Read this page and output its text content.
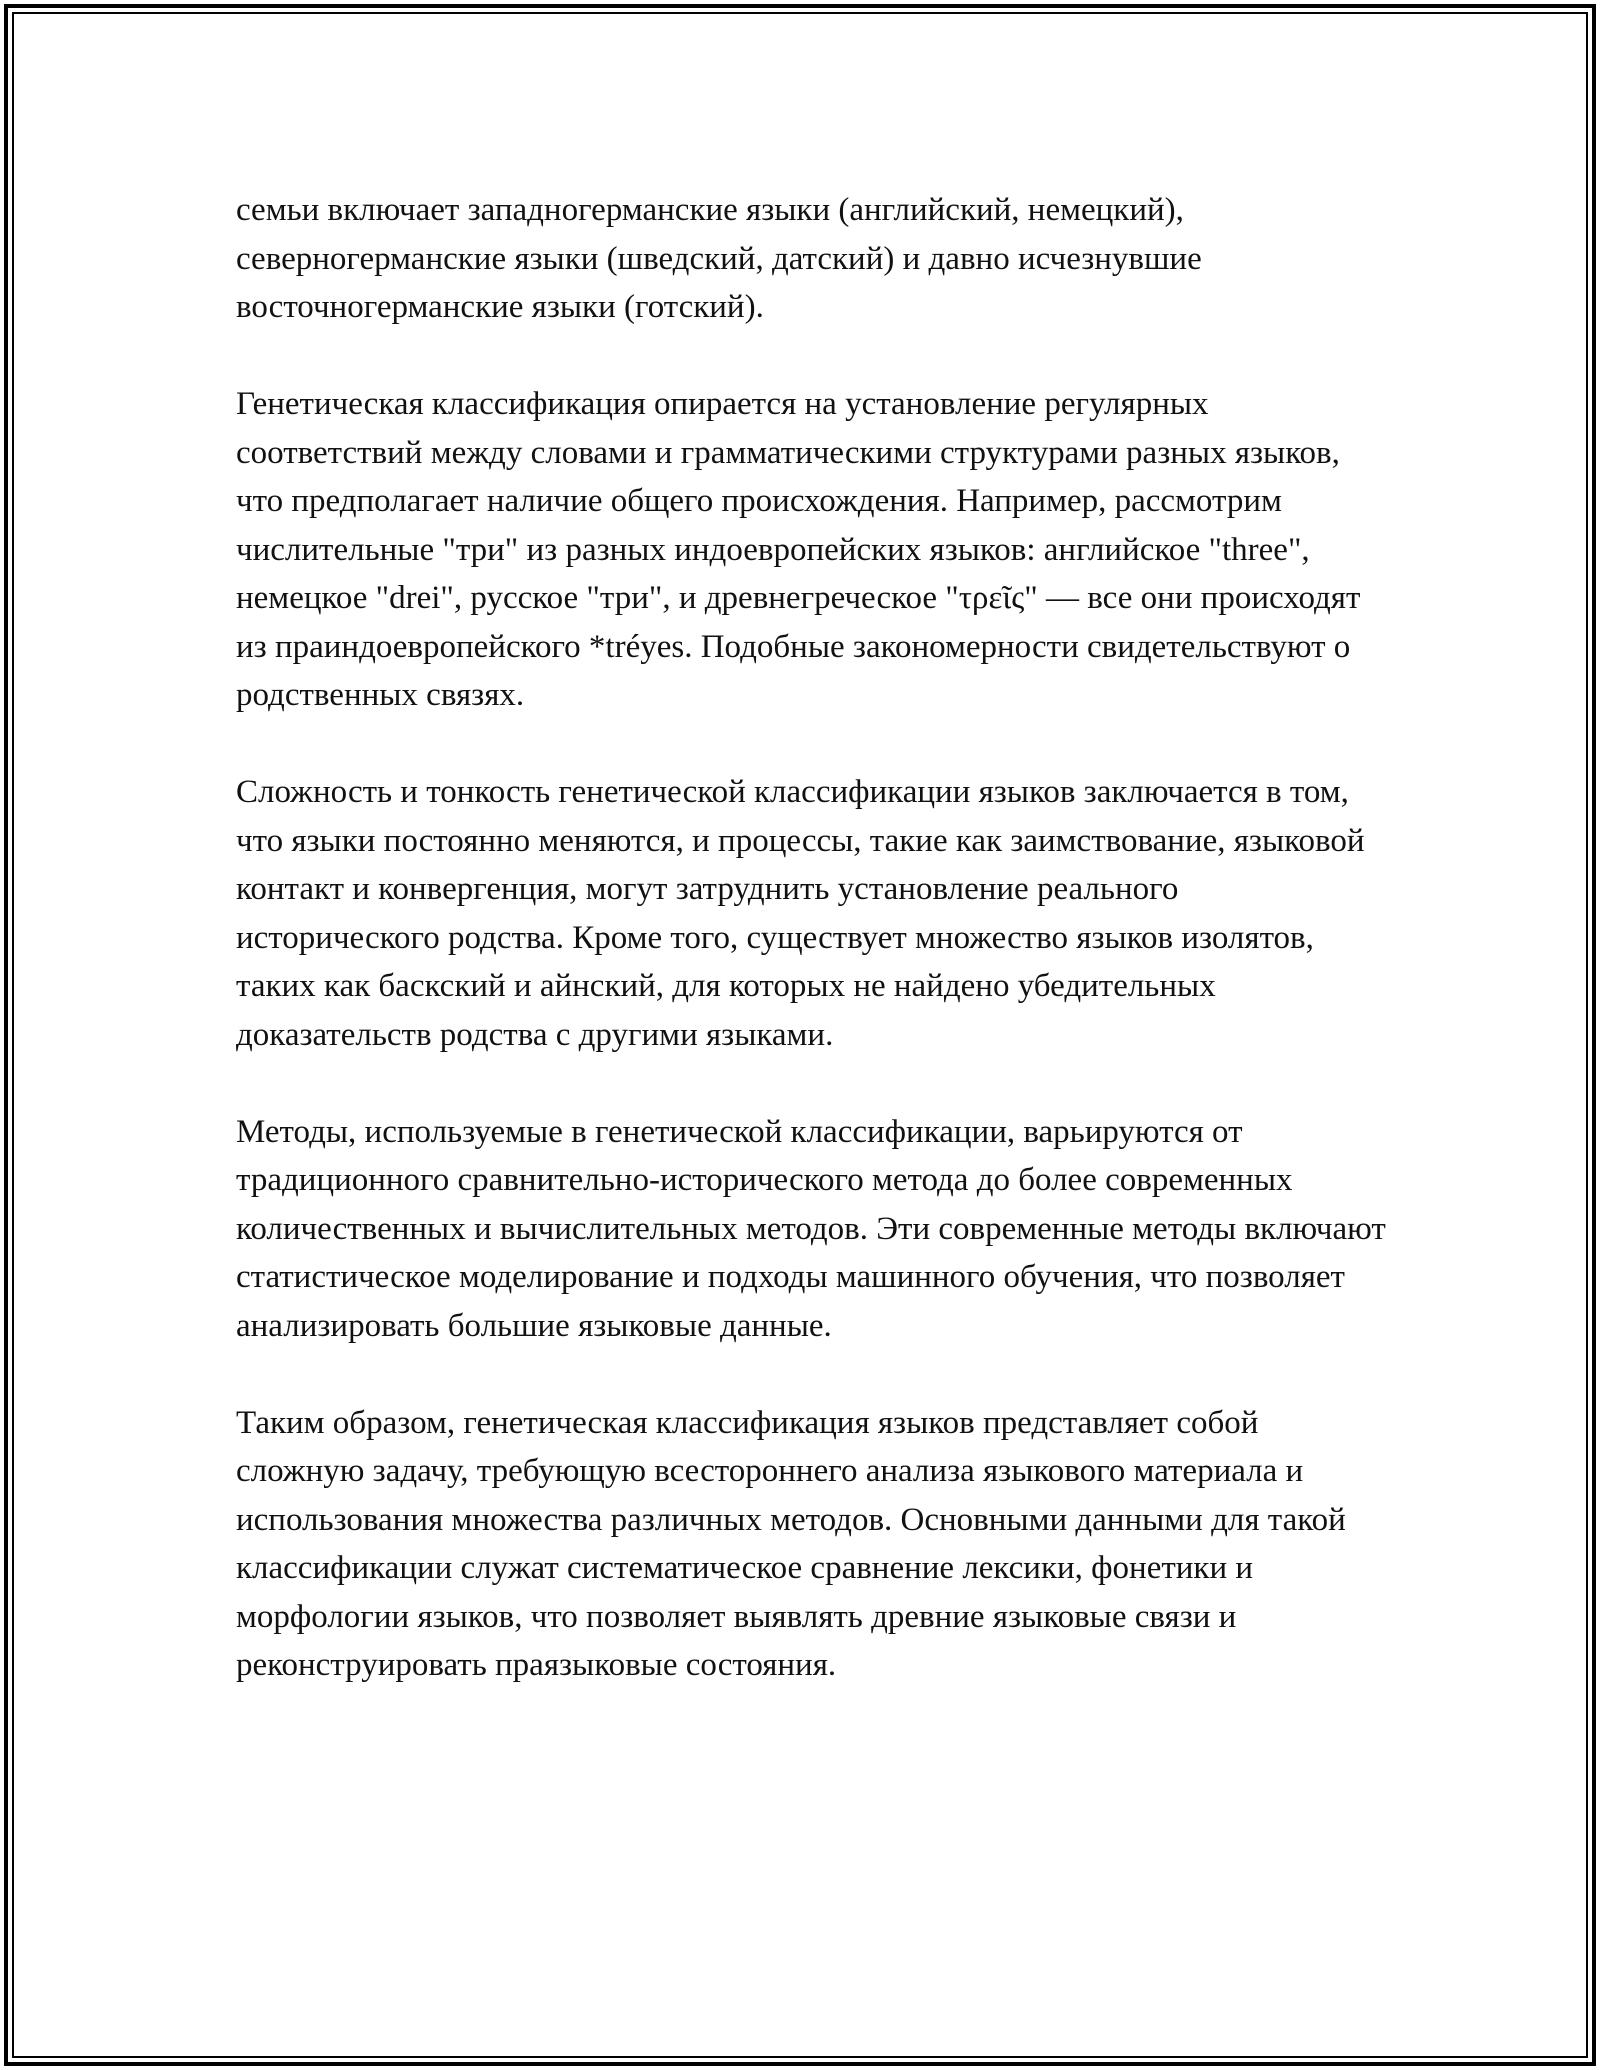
семьи включает западногерманские языки (английский, немецкий), северногерманские языки (шведский, датский) и давно исчезнувшие восточногерманские языки (готский).

Генетическая классификация опирается на установление регулярных соответствий между словами и грамматическими структурами разных языков, что предполагает наличие общего происхождения. Например, рассмотрим числительные "три" из разных индоевропейских языков: английское "three", немецкое "drei", русское "три", и древнегреческое "τρεῖς" — все они происходят из праиндоевропейского *tréyes. Подобные закономерности свидетельствуют о родственных связях.

Сложность и тонкость генетической классификации языков заключается в том, что языки постоянно меняются, и процессы, такие как заимствование, языковой контакт и конвергенция, могут затруднить установление реального исторического родства. Кроме того, существует множество языков изолятов, таких как баскский и айнский, для которых не найдено убедительных доказательств родства с другими языками.

Методы, используемые в генетической классификации, варьируются от традиционного сравнительно-исторического метода до более современных количественных и вычислительных методов. Эти современные методы включают статистическое моделирование и подходы машинного обучения, что позволяет анализировать большие языковые данные.

Таким образом, генетическая классификация языков представляет собой сложную задачу, требующую всестороннего анализа языкового материала и использования множества различных методов. Основными данными для такой классификации служат систематическое сравнение лексики, фонетики и морфологии языков, что позволяет выявлять древние языковые связи и реконструировать праязыковые состояния.
